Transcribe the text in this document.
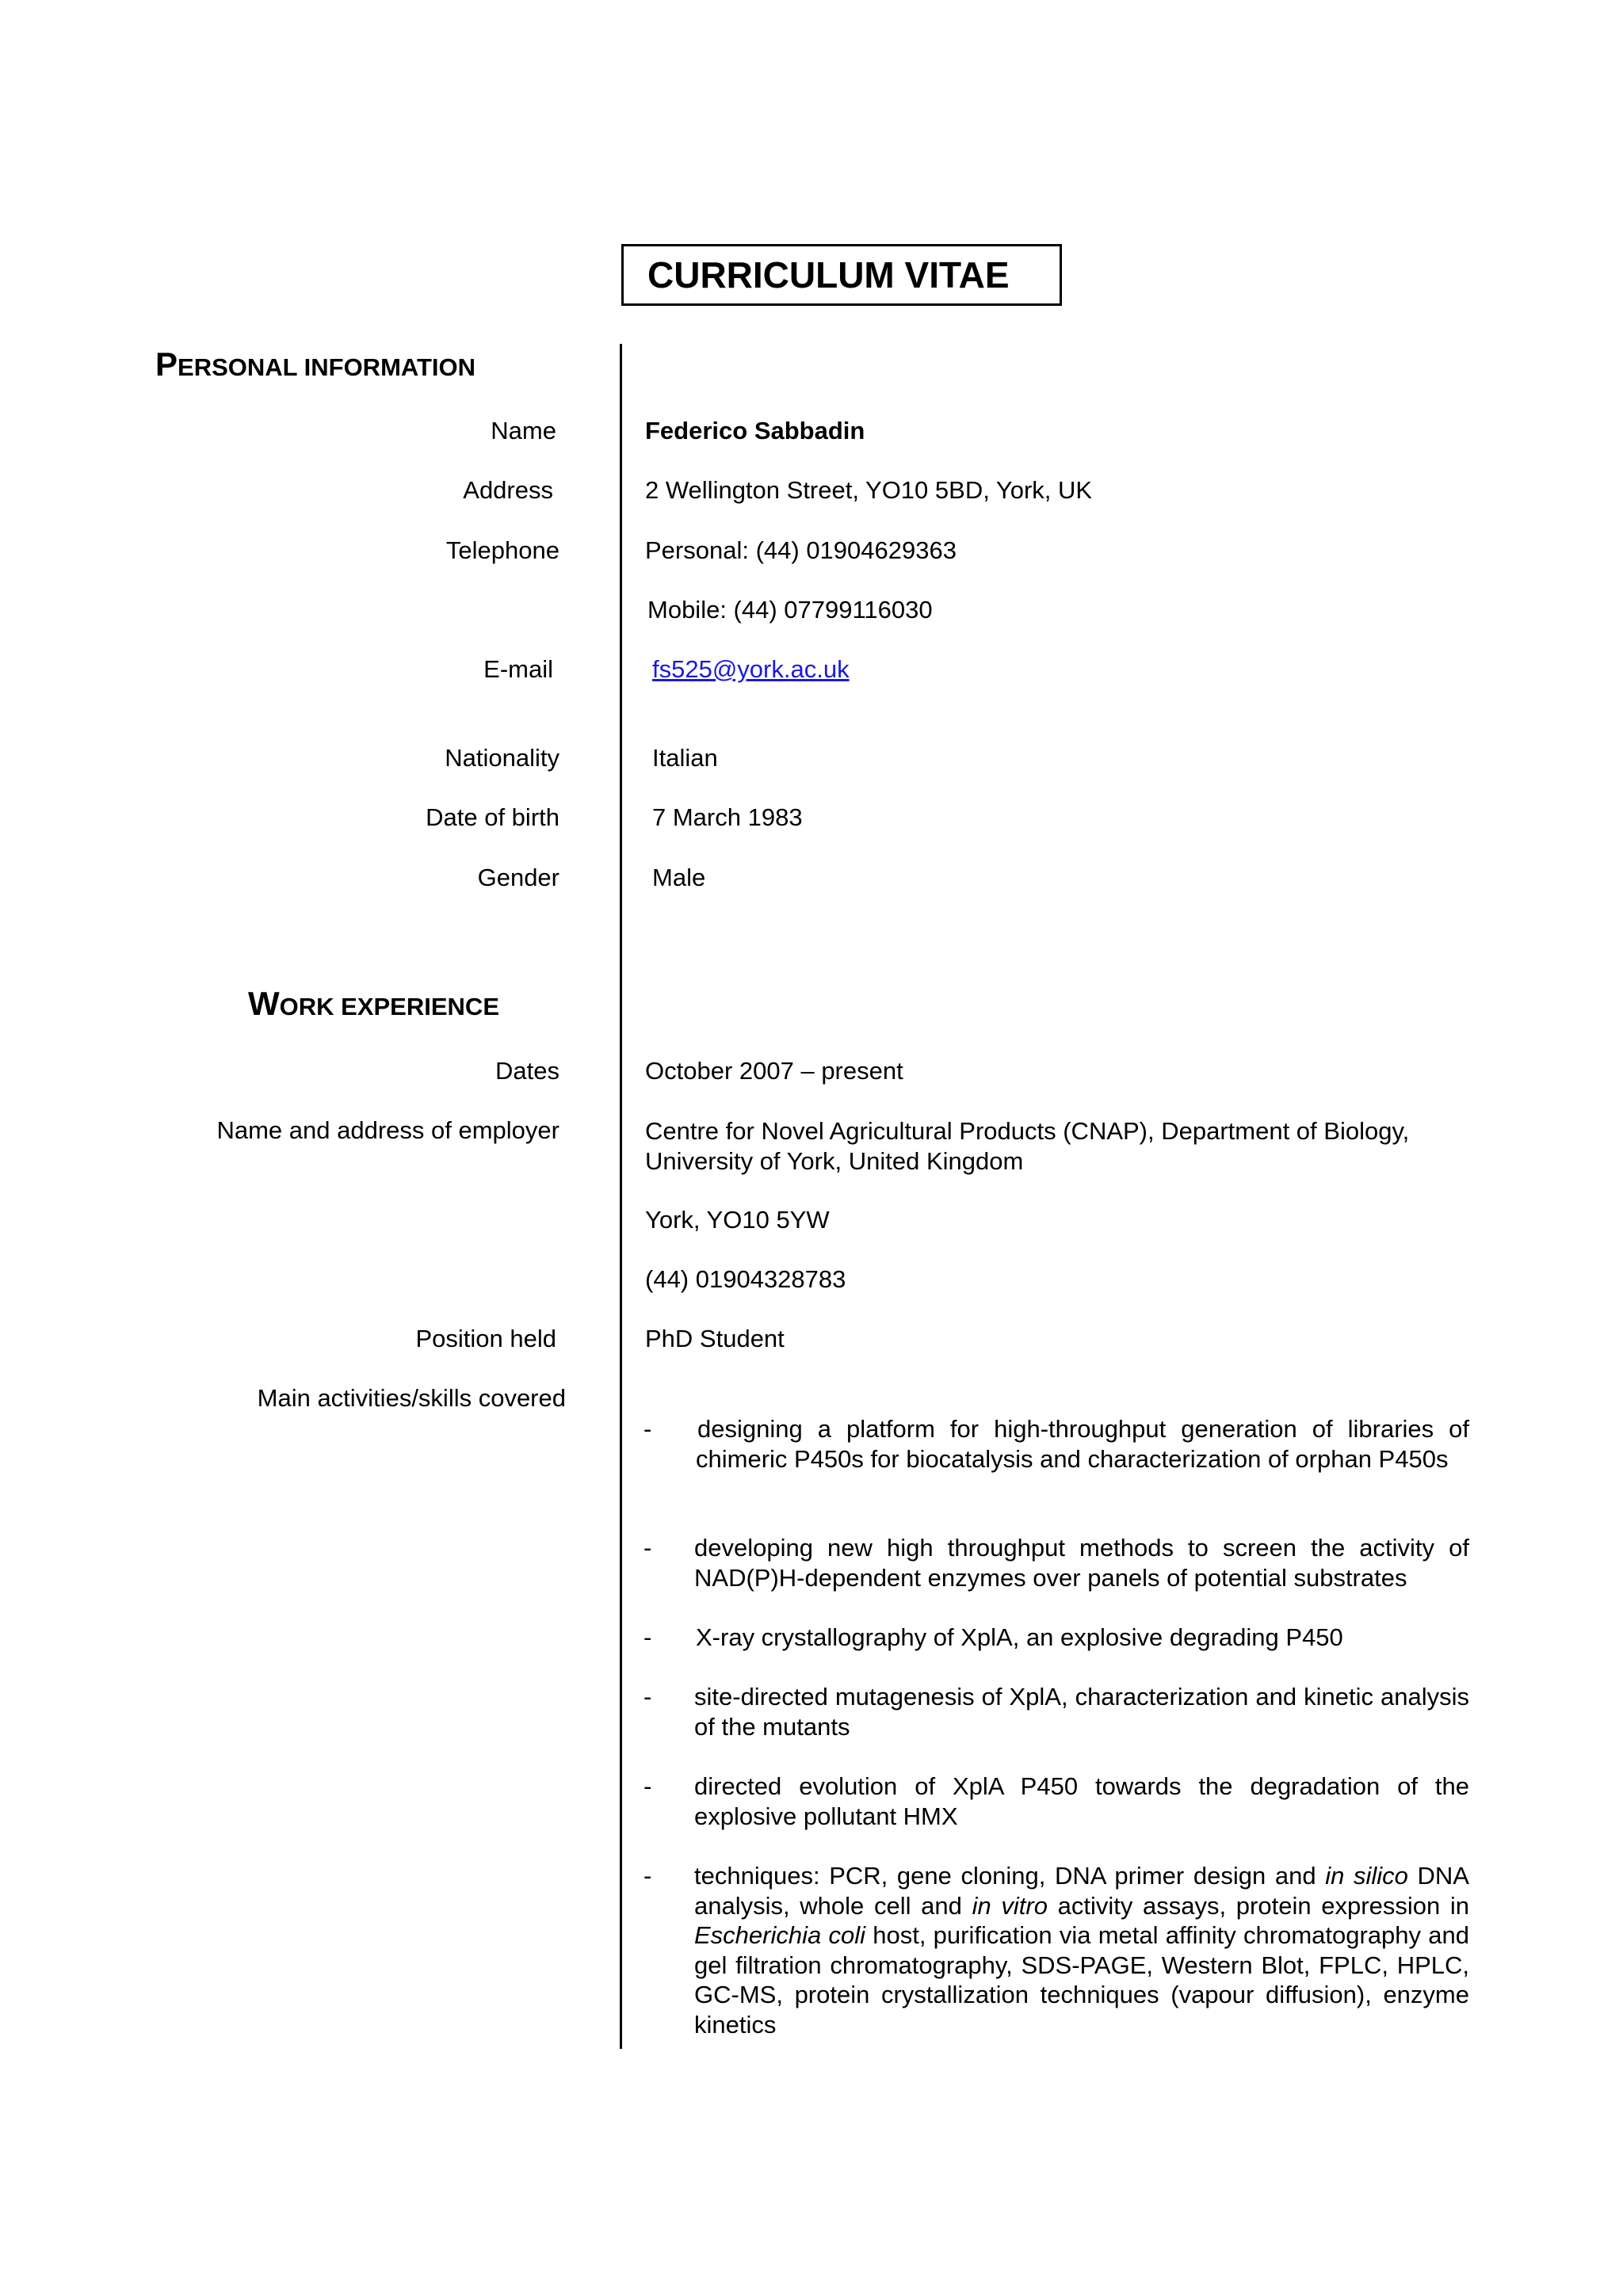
CURRICULUM VITAE
PERSONAL INFORMATION
Name	Federico Sabbadin
Address	2 Wellington Street, YO10 5BD, York, UK
Telephone	Personal: (44) 01904629363
Mobile: (44) 07799116030
E-mail	fs525@york.ac.uk
Nationality	Italian
Date of birth	7 March 1983
Gender	Male
WORK EXPERIENCE
Dates	October 2007 – present
Name and address of employer	Centre for Novel Agricultural Products (CNAP), Department of Biology,
University of York, United Kingdom
York, YO10 5YW
(44) 01904328783
Position held	PhD Student
Main activities/skills covered
- designing a platform for high-throughput generation of libraries of chimeric P450s for biocatalysis and characterization of orphan P450s
- developing new high throughput methods to screen the activity of NAD(P)H-dependent enzymes over panels of potential substrates
- X-ray crystallography of XplA, an explosive degrading P450
- site-directed mutagenesis of XplA, characterization and kinetic analysis of the mutants
- directed evolution of XplA P450 towards the degradation of the explosive pollutant HMX
- techniques: PCR, gene cloning, DNA primer design and in silico DNA analysis, whole cell and in vitro activity assays, protein expression in Escherichia coli host, purification via metal affinity chromatography and gel filtration chromatography, SDS-PAGE, Western Blot, FPLC, HPLC, GC-MS, protein crystallization techniques (vapour diffusion), enzyme kinetics
